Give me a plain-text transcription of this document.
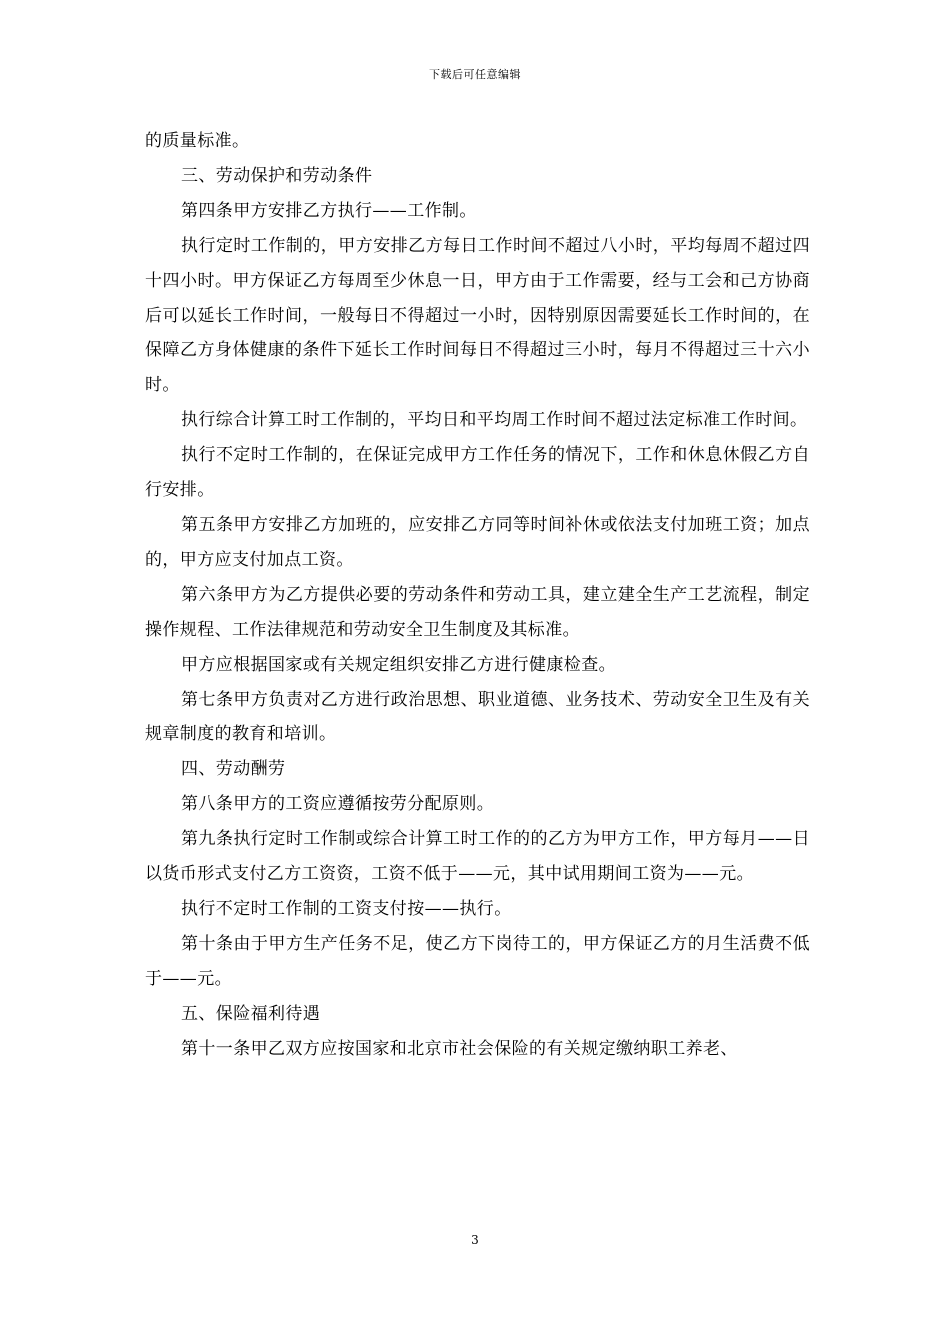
下载后可任意编辑

的质量标准。

三、劳动保护和劳动条件

第四条甲方安排乙方执行——工作制。

执行定时工作制的，甲方安排乙方每日工作时间不超过八小时，平均每周不超过四十四小时。甲方保证乙方每周至少休息一日，甲方由于工作需要，经与工会和己方协商后可以延长工作时间，一般每日不得超过一小时，因特别原因需要延长工作时间的，在保障乙方身体健康的条件下延长工作时间每日不得超过三小时，每月不得超过三十六小时。

执行综合计算工时工作制的，平均日和平均周工作时间不超过法定标准工作时间。

执行不定时工作制的，在保证完成甲方工作任务的情况下，工作和休息休假乙方自行安排。

第五条甲方安排乙方加班的，应安排乙方同等时间补休或依法支付加班工资；加点的，甲方应支付加点工资。

第六条甲方为乙方提供必要的劳动条件和劳动工具，建立建全生产工艺流程，制定操作规程、工作法律规范和劳动安全卫生制度及其标准。

甲方应根据国家或有关规定组织安排乙方进行健康检查。

第七条甲方负责对乙方进行政治思想、职业道德、业务技术、劳动安全卫生及有关规章制度的教育和培训。

四、劳动酬劳

第八条甲方的工资应遵循按劳分配原则。

第九条执行定时工作制或综合计算工时工作的的乙方为甲方工作，甲方每月——日以货币形式支付乙方工资资，工资不低于——元，其中试用期间工资为——元。

执行不定时工作制的工资支付按——执行。

第十条由于甲方生产任务不足，使乙方下岗待工的，甲方保证乙方的月生活费不低于——元。

五、保险福利待遇

第十一条甲乙双方应按国家和北京市社会保险的有关规定缴纳职工养老、

3
